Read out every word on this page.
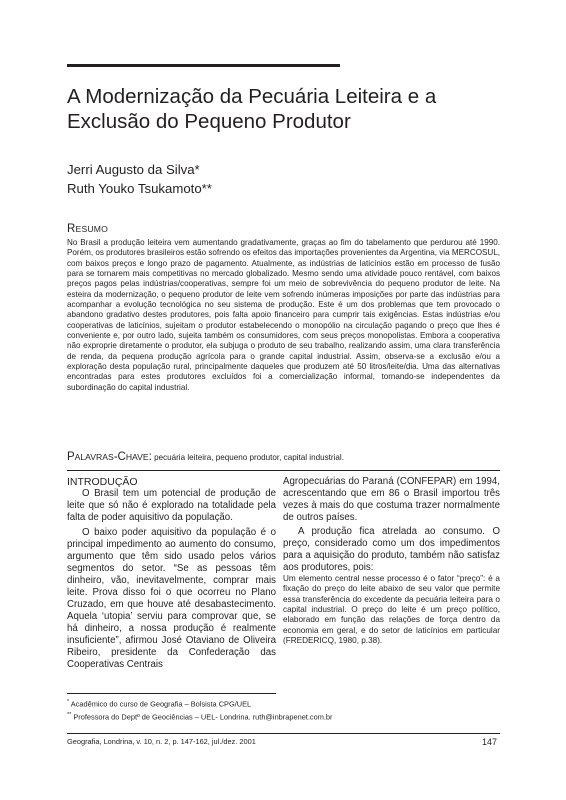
A Modernização da Pecuária Leiteira e a Exclusão do Pequeno Produtor
Jerri Augusto da Silva*
Ruth Youko Tsukamoto**
RESUMO
No Brasil a produção leiteira vem aumentando gradativamente, graças ao fim do tabelamento que perdurou até 1990. Porém, os produtores brasileiros estão sofrendo os efeitos das importações provenientes da Argentina, via MERCOSUL, com baixos preços e longo prazo de pagamento. Atualmente, as indústrias de laticínios estão em processo de fusão para se tornarem mais competitivas no mercado globalizado. Mesmo sendo uma atividade pouco rentável, com baixos preços pagos pelas indústrias/cooperativas, sempre foi um meio de sobrevivência do pequeno produtor de leite. Na esteira da modernização, o pequeno produtor de leite vem sofrendo inúmeras imposições por parte das indústrias para acompanhar a evolução tecnológica no seu sistema de produção. Este é um dos problemas que tem provocado o abandono gradativo destes produtores, pois falta apoio financeiro para cumprir tais exigências. Estas indústrias e/ou cooperativas de laticínios, sujeitam o produtor estabelecendo o monopólio na circulação pagando o preço que lhes é conveniente e, por outro lado, sujeita também os consumidores, com seus preços monopolistas. Embora a cooperativa não exproprie diretamente o produtor, ela subjuga o produto de seu trabalho, realizando assim, uma clara transferência de renda, da pequena produção agrícola para o grande capital industrial. Assim, observa-se a exclusão e/ou a exploração desta população rural, principalmente daqueles que produzem até 50 litros/leite/dia. Uma das alternativas encontradas para estes produtores excluídos foi a comercialização informal, tornando-se independentes da subordinação do capital industrial.
PALAVRAS-CHAVE: pecuária leiteira, pequeno produtor, capital industrial.

INTRODUÇÃO

O Brasil tem um potencial de produção de leite que só não é explorado na totalidade pela falta de poder aquisitivo da população.

O baixo poder aquisitivo da população é o principal impedimento ao aumento do consumo, argumento que têm sido usado pelos vários segmentos do setor. “Se as pessoas têm dinheiro, vão, inevitavelmente, comprar mais leite. Prova disso foi o que ocorreu no Plano Cruzado, em que houve até desabastecimento. Aquela ‘utopia’ serviu para comprovar que, se há dinheiro, a nossa produção é realmente insuficiente”, afirmou José Otaviano de Oliveira Ribeiro, presidente da Confederação das Cooperativas Centrais

Agropecuárias do Paraná (CONFEPAR) em 1994, acrescentando que em 86 o Brasil importou três vezes à mais do que costuma trazer normalmente de outros países.

A produção fica atrelada ao consumo. O preço, considerado como um dos impedimentos para a aquisição do produto, também não satisfaz aos produtores, pois:

Um elemento central nesse processo é o fator “preço”: é a fixação do preço do leite abaixo de seu valor que permite essa transferência do excedente da pecuária leiteira para o capital industrial. O preço do leite é um preço político, elaborado em função das relações de força dentro da economia em geral, e do setor de laticínios em particular (FREDERICQ, 1980, p.38).

* Acadêmico do curso de Geografia – Bolsista CPG/UEL
** Professora do Deptº de Geociências – UEL- Londrina. ruth@inbrapenet.com.br
Geografia, Londrina, v. 10, n. 2, p. 147-162, jul./dez. 2001	147
